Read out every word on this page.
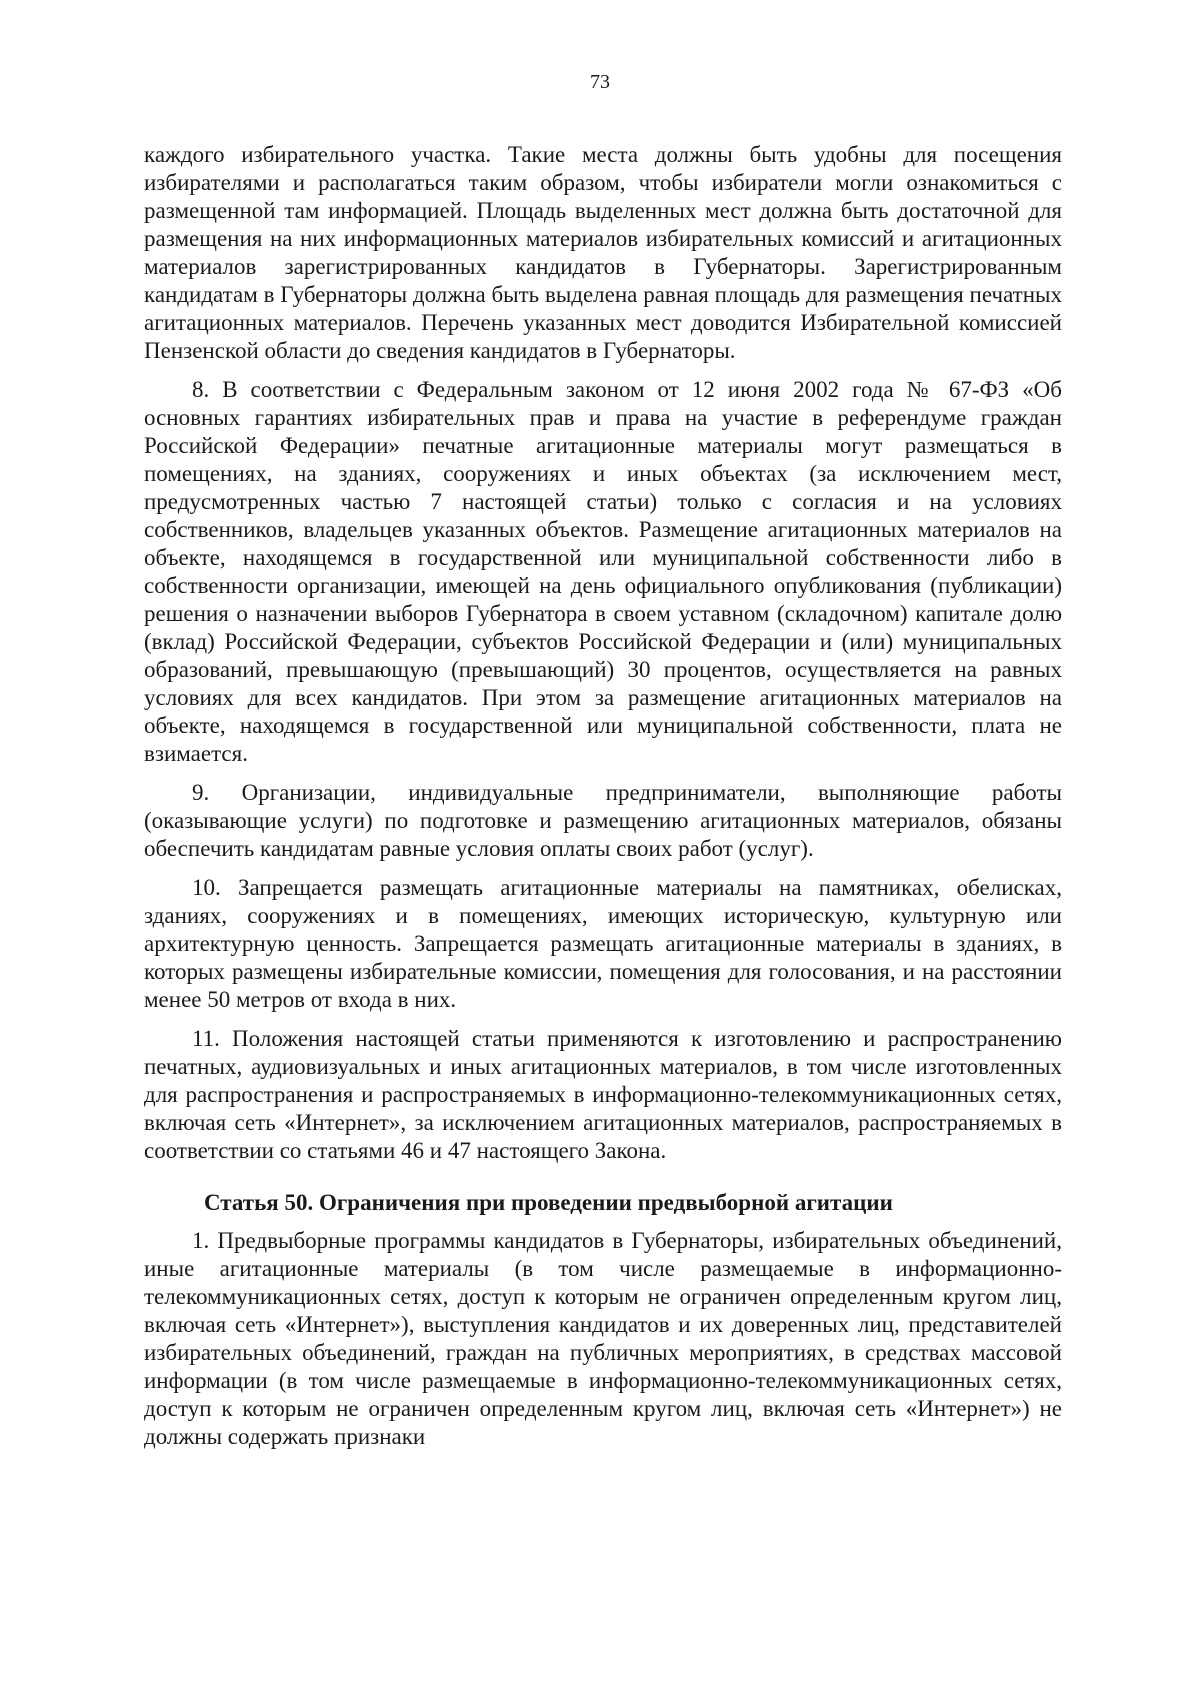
73

каждого избирательного участка. Такие места должны быть удобны для посещения избирателями и располагаться таким образом, чтобы избиратели могли ознакомиться с размещенной там информацией. Площадь выделенных мест должна быть достаточной для размещения на них информационных материалов избирательных комиссий и агитационных материалов зарегистрированных кандидатов в Губернаторы. Зарегистрированным кандидатам в Губернаторы должна быть выделена равная площадь для размещения печатных агитационных материалов. Перечень указанных мест доводится Избирательной комиссией Пензенской области до сведения кандидатов в Губернаторы.

8. В соответствии с Федеральным законом от 12 июня 2002 года № 67-ФЗ «Об основных гарантиях избирательных прав и права на участие в референдуме граждан Российской Федерации» печатные агитационные материалы могут размещаться в помещениях, на зданиях, сооружениях и иных объектах (за исключением мест, предусмотренных частью 7 настоящей статьи) только с согласия и на условиях собственников, владельцев указанных объектов. Размещение агитационных материалов на объекте, находящемся в государственной или муниципальной собственности либо в собственности организации, имеющей на день официального опубликования (публикации) решения о назначении выборов Губернатора в своем уставном (складочном) капитале долю (вклад) Российской Федерации, субъектов Российской Федерации и (или) муниципальных образований, превышающую (превышающий) 30 процентов, осуществляется на равных условиях для всех кандидатов. При этом за размещение агитационных материалов на объекте, находящемся в государственной или муниципальной собственности, плата не взимается.

9. Организации, индивидуальные предприниматели, выполняющие работы (оказывающие услуги) по подготовке и размещению агитационных материалов, обязаны обеспечить кандидатам равные условия оплаты своих работ (услуг).

10. Запрещается размещать агитационные материалы на памятниках, обелисках, зданиях, сооружениях и в помещениях, имеющих историческую, культурную или архитектурную ценность. Запрещается размещать агитационные материалы в зданиях, в которых размещены избирательные комиссии, помещения для голосования, и на расстоянии менее 50 метров от входа в них.

11. Положения настоящей статьи применяются к изготовлению и распространению печатных, аудиовизуальных и иных агитационных материалов, в том числе изготовленных для распространения и распространяемых в информационно-телекоммуникационных сетях, включая сеть «Интернет», за исключением агитационных материалов, распространяемых в соответствии со статьями 46 и 47 настоящего Закона.

Статья 50. Ограничения при проведении предвыборной агитации

1. Предвыборные программы кандидатов в Губернаторы, избирательных объединений, иные агитационные материалы (в том числе размещаемые в информационно-телекоммуникационных сетях, доступ к которым не ограничен определенным кругом лиц, включая сеть «Интернет»), выступления кандидатов и их доверенных лиц, представителей избирательных объединений, граждан на публичных мероприятиях, в средствах массовой информации (в том числе размещаемые в информационно-телекоммуникационных сетях, доступ к которым не ограничен определенным кругом лиц, включая сеть «Интернет») не должны содержать признаки
